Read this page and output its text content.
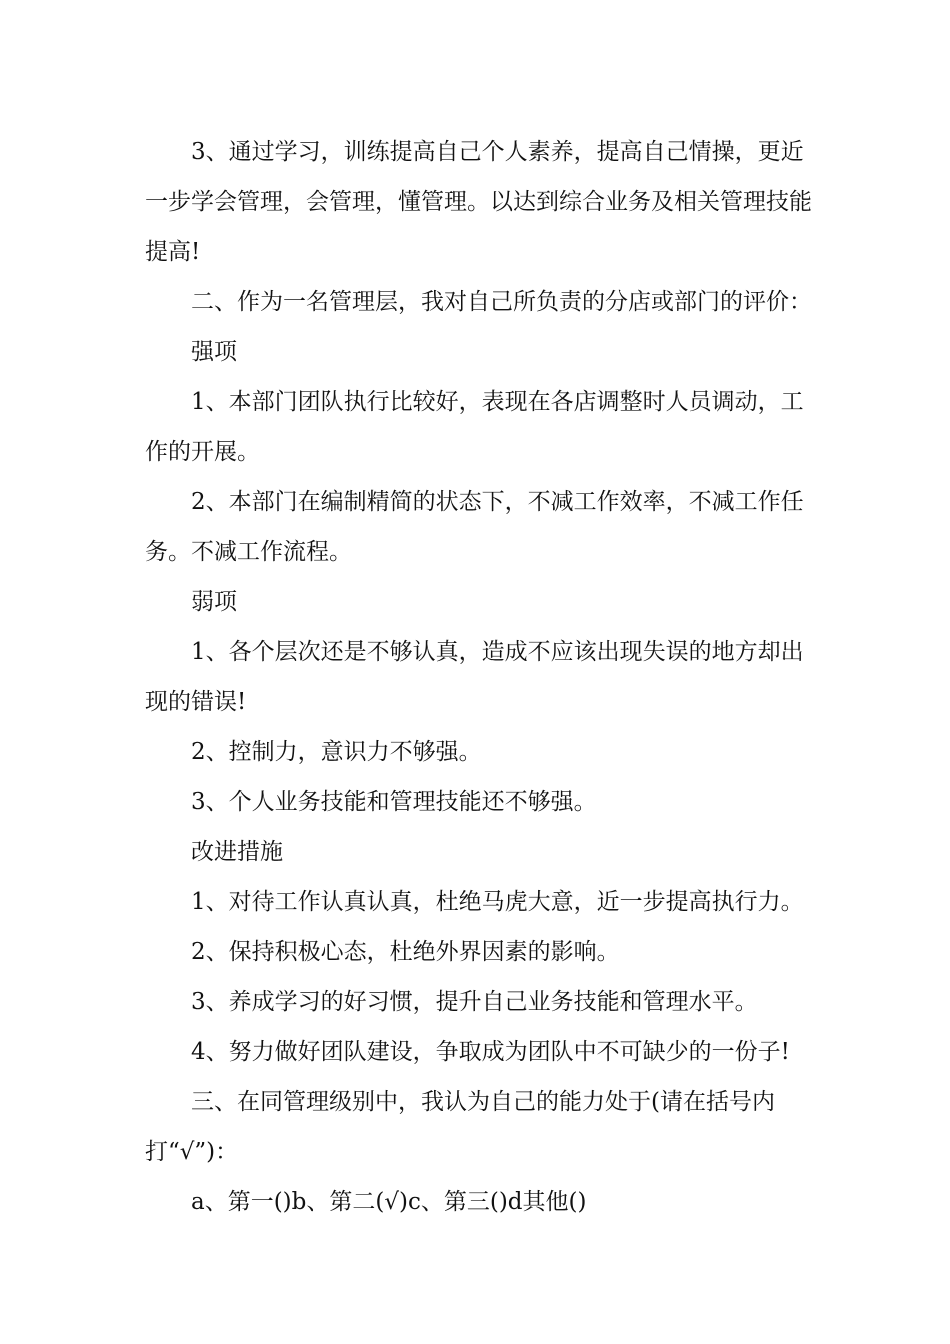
3、通过学习，训练提高自己个人素养，提高自己情操，更近一步学会管理，会管理，懂管理。以达到综合业务及相关管理技能提高!

二、作为一名管理层，我对自己所负责的分店或部门的评价：

强项

1、本部门团队执行比较好，表现在各店调整时人员调动，工作的开展。

2、本部门在编制精简的状态下，不减工作效率，不减工作任务。不减工作流程。

弱项

1、各个层次还是不够认真，造成不应该出现失误的地方却出现的错误!

2、控制力，意识力不够强。

3、个人业务技能和管理技能还不够强。

改进措施

1、对待工作认真认真，杜绝马虎大意，近一步提高执行力。

2、保持积极心态，杜绝外界因素的影响。

3、养成学习的好习惯，提升自己业务技能和管理水平。

4、努力做好团队建设，争取成为团队中不可缺少的一份子!

三、在同管理级别中，我认为自己的能力处于(请在括号内打“√”)：

a、第一()b、第二(√)c、第三()d其他()
